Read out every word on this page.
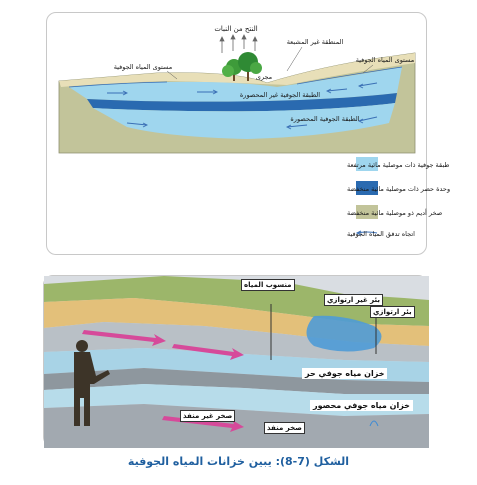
النتح من النبات
المنطقة غير المشبعة
مستوى المياه الجوفية
مستوى المياه الجوفية
مجرى
الطبقة الجوفية غير المحصورة
الطبقة الجوفية المحصورة
طبقة جوفية ذات موصلية مائية مرتفعة
وحدة حصر ذات موصلية مائية منخفضة
صخر أديم ذو موصلية مائية منخفضة
اتجاه تدفق المياه الجوفية
منسوب المياه
بئر غير ارتوازي
بئر ارتوازي
خزان مياه جوفي حر
خزان مياه جوفي محصور
صخر غير منفذ
صخر منفذ
الشكل (7-8): يبين خزانات المياه الجوفية
